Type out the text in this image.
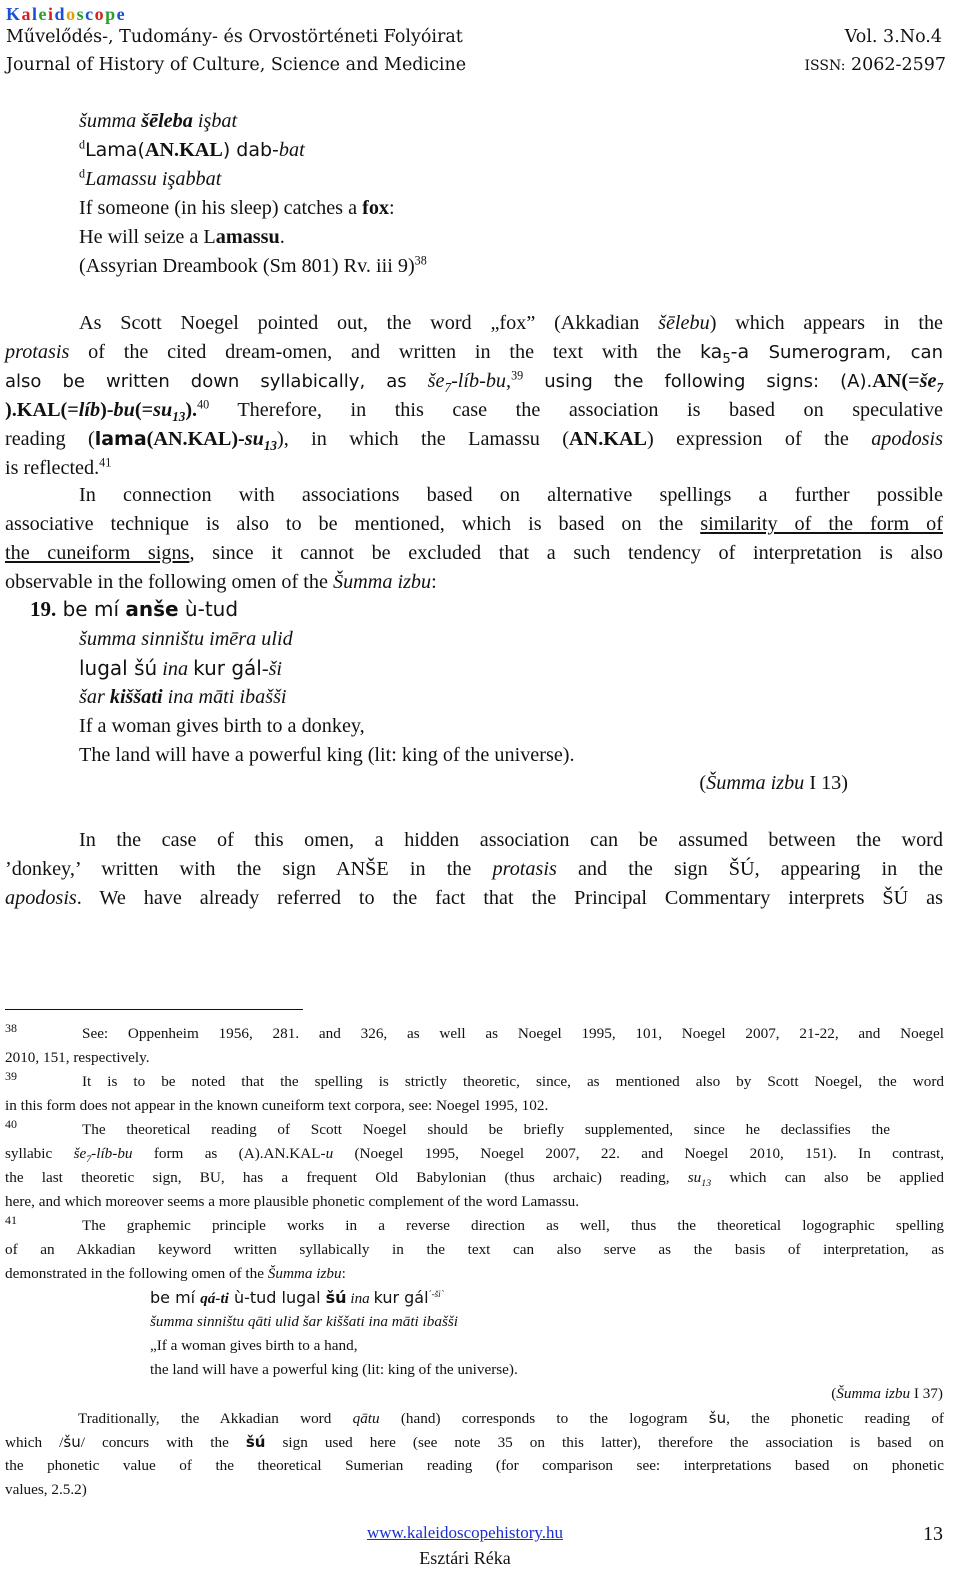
Kaleidoscope
Művelődés-, Tudomány- és Orvostörténeti Folyóirat	Vol. 3.No.4
Journal of History of Culture, Science and Medicine	ISSN: 2062-2597
šumma šēleba işbat
$^d$Lama(AN.KAL) dab-bat
$^d$Lamassu işabbat
If someone (in his sleep) catches a fox:
He will seize a Lamassu.
(Assyrian Dreambook (Sm 801) Rv. iii 9)$^{38}$
As Scott Noegel pointed out, the word „fox” (Akkadian šēlebu) which appears in the
protasis of the cited dream-omen, and written in the text with the $ka_5-a$ Sumerogram, can
also be written down syllabically, as $še_7-líb-bu,^{39}$ using the following signs: $(A).AN(=še_7$
)$.KAL(=líb)-bu(=su_{13}).^{40}$ Therefore, in this case the association is based on speculative
reading $(lama(AN.KAL)-su_{13})$, in which the Lamassu (AN.KAL) expression of the apodosis
is reflected.$^{41}$
In connection with associations based on alternative spellings a further possible
associative technique is also to be mentioned, which is based on the similarity of the form of
the cuneiform signs, since it cannot be excluded that a such tendency of interpretation is also
observable in the following omen of the Šumma izbu:
19. be mí anše ù-tud
šumma sinništu imēra ulid
lugal šú ina kur gál-ši
šar kiššati ina māti ibašši
If a woman gives birth to a donkey,
The land will have a powerful king (lit: king of the universe).
(Šumma izbu I 13)
In the case of this omen, a hidden association can be assumed between the word
’donkey,’ written with the sign ANŠE in the protasis and the sign ŠÚ, appearing in the
apodosis. We have already referred to the fact that the Principal Commentary interprets ŠÚ as
38	See: Oppenheim 1956, 281. and 326, as well as Noegel 1995, 101, Noegel 2007, 21-22, and Noegel
2010, 151, respectively.
39	It is to be noted that the spelling is strictly theoretic, since, as mentioned also by Scott Noegel, the word
in this form does not appear in the known cuneiform text corpora, see: Noegel 1995, 102.
40	The theoretical reading of Scott Noegel should be briefly supplemented, since he declassifies the
syllabic $še_7-líb-bu$ form as (A).AN.KAL-u (Noegel 1995, Noegel 2007, 22. and Noegel 2010, 151). In contrast,
the last theoretic sign, BU, has a frequent Old Babylonian (thus archaic) reading, $su_{13}$ which can also be applied
here, and which moreover seems a more plausible phonetic complement of the word Lamassu.
41	The graphemic principle works in a reverse direction as well, thus the theoretical logographic spelling
of an Akkadian keyword written syllabically in the text can also serve as the basis of interpretation, as
demonstrated in the following omen of the Šumma izbu:
be mí qá-ti ù-tud lugal šú ina kur gál$^{˹-ši˺}$
šumma sinništu qāti ulid šar kiššati ina māti ibašši
„If a woman gives birth to a hand,
the land will have a powerful king (lit: king of the universe).
(Šumma izbu I 37)
Traditionally, the Akkadian word qātu (hand) corresponds to the logogram šu, the phonetic reading of
which /šu/ concurs with the šú sign used here (see note 35 on this latter), therefore the association is based on
the phonetic value of the theoretical Sumerian reading (for comparison see: interpretations based on phonetic
values, 2.5.2)
www.kaleidoscopehistory.hu
Esztári Réka
13
